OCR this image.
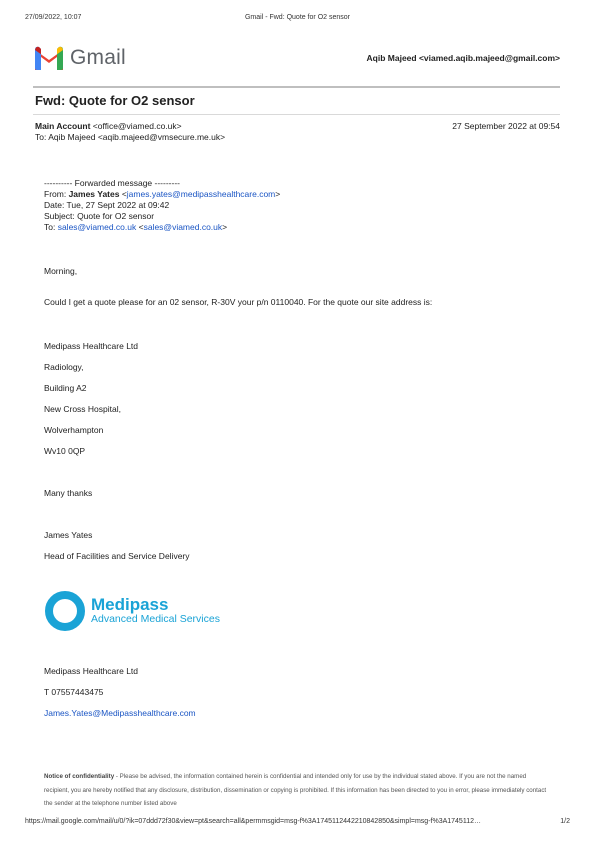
27/09/2022, 10:07	Gmail - Fwd: Quote for O2 sensor
Gmail	Aqib Majeed <viamed.aqib.majeed@gmail.com>
Fwd: Quote for O2 sensor
Main Account <office@viamed.co.uk>	27 September 2022 at 09:54
To: Aqib Majeed <aqib.majeed@vmsecure.me.uk>
---------- Forwarded message ---------
From: James Yates <james.yates@medipasshealthcare.com>
Date: Tue, 27 Sept 2022 at 09:42
Subject: Quote for O2 sensor
To: sales@viamed.co.uk <sales@viamed.co.uk>
Morning,
Could I get a quote please for an 02 sensor, R-30V your p/n 0110040. For the quote our site address is:
Medipass Healthcare Ltd
Radiology,
Building A2
New Cross Hospital,
Wolverhampton
Wv10 0QP
Many thanks
James Yates
Head of Facilities and Service Delivery
Medipass
Advanced Medical Services
Medipass Healthcare Ltd
T 07557443475
James.Yates@Medipasshealthcare.com
Notice of confidentiality - Please be advised, the information contained herein is confidential and intended only for use by the individual stated above. If you are not the named recipient, you are hereby notified that any disclosure, distribution, dissemination or copying is prohibited. If this information has been directed to you in error, please immediately contact the sender at the telephone number listed above
https://mail.google.com/mail/u/0/?ik=07ddd72f30&view=pt&search=all&permmsgid=msg-f%3A1745112442210842850&simpl=msg-f%3A1745112…	1/2
